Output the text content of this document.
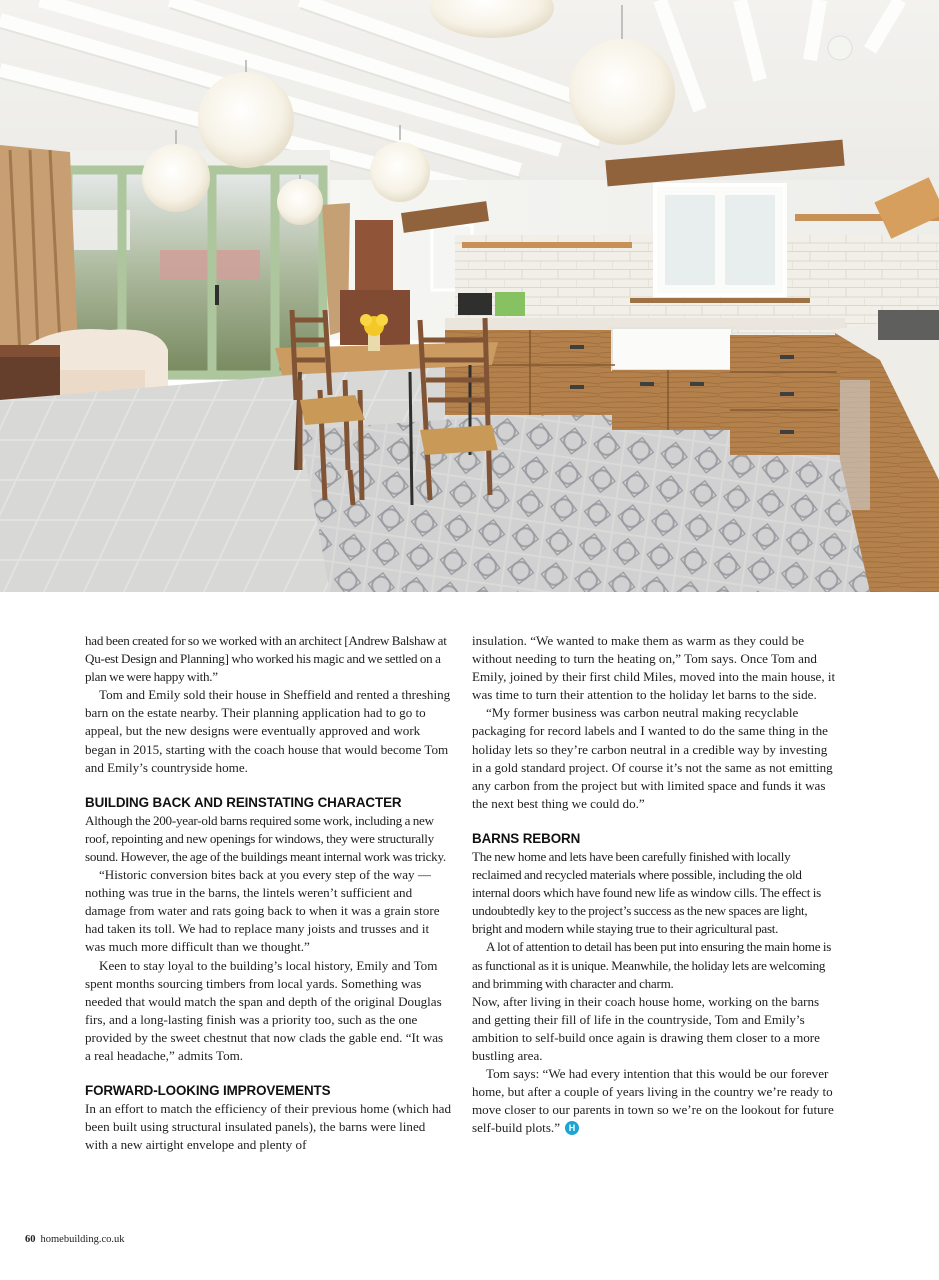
had been created for so we worked with an architect [Andrew Balshaw at Qu-est Design and Planning] who worked his magic and we settled on a plan we were happy with.”

Tom and Emily sold their house in Sheffield and rented a threshing barn on the estate nearby. Their planning application had to go to appeal, but the new designs were eventually approved and work began in 2015, starting with the coach house that would become Tom and Emily’s countryside home.

BUILDING BACK AND REINSTATING CHARACTER

Although the 200-year-old barns required some work, including a new roof, repointing and new openings for windows, they were structurally sound. However, the age of the buildings meant internal work was tricky.

“Historic conversion bites back at you every step of the way — nothing was true in the barns, the lintels weren’t sufficient and damage from water and rats going back to when it was a grain store had taken its toll. We had to replace many joists and trusses and it was much more difficult than we thought.”

Keen to stay loyal to the building’s local history, Emily and Tom spent months sourcing timbers from local yards. Something was needed that would match the span and depth of the original Douglas firs, and a long-lasting finish was a priority too, such as the one provided by the sweet chestnut that now clads the gable end. “It was a real headache,” admits Tom.

FORWARD-LOOKING IMPROVEMENTS

In an effort to match the efficiency of their previous home (which had been built using structural insulated panels), the barns were lined with a new airtight envelope and plenty of

insulation. “We wanted to make them as warm as they could be without needing to turn the heating on,” Tom says. Once Tom and Emily, joined by their first child Miles, moved into the main house, it was time to turn their attention to the holiday let barns to the side.

“My former business was carbon neutral making recyclable packaging for record labels and I wanted to do the same thing in the holiday lets so they’re carbon neutral in a credible way by investing in a gold standard project. Of course it’s not the same as not emitting any carbon from the project but with limited space and funds it was the next best thing we could do.”

BARNS REBORN

The new home and lets have been carefully finished with locally reclaimed and recycled materials where possible, including the old internal doors which have found new life as window cills. The effect is undoubtedly key to the project’s success as the new spaces are light, bright and modern while staying true to their agricultural past.

A lot of attention to detail has been put into ensuring the main home is as functional as it is unique. Meanwhile, the holiday lets are welcoming and brimming with character and charm.

Now, after living in their coach house home, working on the barns and getting their fill of life in the countryside, Tom and Emily’s ambition to self-build once again is drawing them closer to a more bustling area.

Tom says: “We had every intention that this would be our forever home, but after a couple of years living in the country we’re ready to move closer to our parents in town so we’re on the lookout for future self-build plots.” H

60 homebuilding.co.uk
